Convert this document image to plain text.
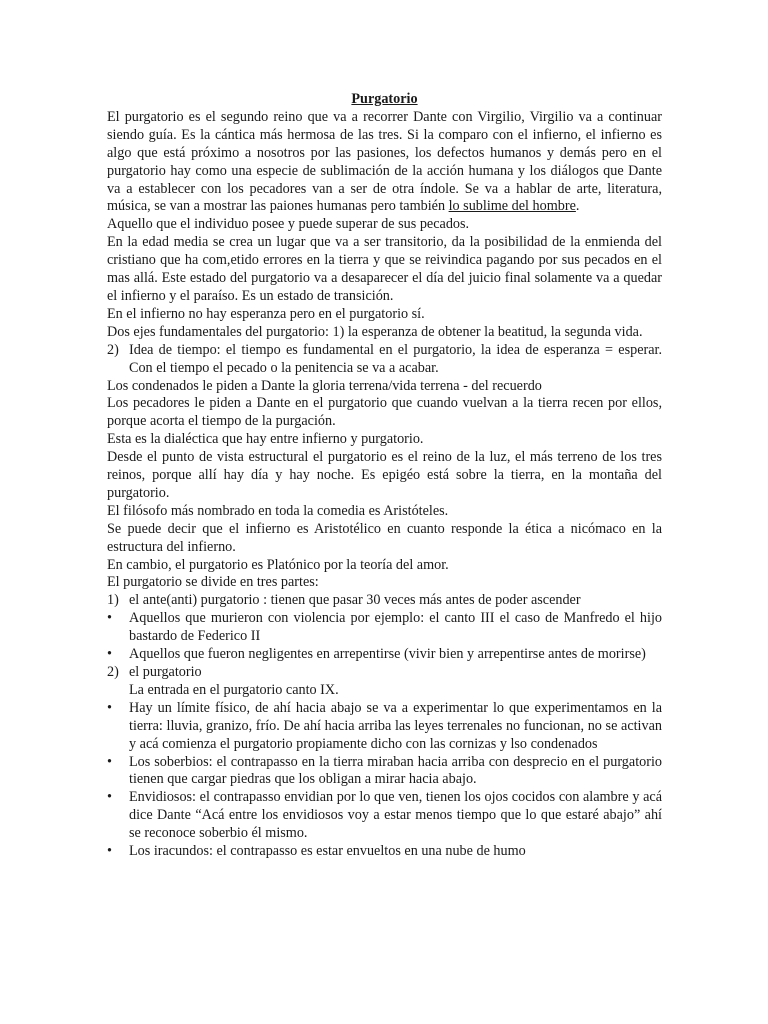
Purgatorio

El purgatorio es el segundo reino que va a recorrer Dante con Virgilio, Virgilio va a continuar siendo guía. Es la cántica más hermosa de las tres. Si la comparo con el infierno, el infierno es algo que está próximo a nosotros por las pasiones, los defectos humanos y demás pero en el purgatorio hay como una especie de sublimación de la acción humana y los diálogos que Dante va a establecer con los pecadores van a ser de otra índole. Se va a hablar de arte, literatura, música, se van a mostrar las paiones humanas pero también lo sublime del hombre.

Aquello que el individuo posee y puede superar de sus pecados.

En la edad media se crea un lugar que va a ser transitorio, da la posibilidad de la enmienda del cristiano que ha com,etido errores en la tierra y que se reivindica pagando por sus pecados en el mas allá. Este estado del purgatorio va a desaparecer el día del juicio final solamente va a quedar el infierno y el paraíso. Es un estado de transición.

En el infierno no hay esperanza pero en el purgatorio sí.

Dos ejes fundamentales del purgatorio: 1) la esperanza de obtener la beatitud, la segunda vida.

2) Idea de tiempo: el tiempo es fundamental en el purgatorio, la idea de esperanza = esperar. Con el tiempo el pecado o la penitencia se va a acabar.

Los condenados le piden a Dante la gloria terrena/vida terrena - del recuerdo

Los pecadores le piden a Dante en el purgatorio que cuando vuelvan a la tierra recen por ellos, porque acorta el tiempo de la purgación.

Esta es la dialéctica que hay entre infierno y purgatorio.

Desde el punto de vista estructural el purgatorio es el reino de la luz, el más terreno de los tres reinos, porque allí hay día y hay noche. Es epigéo está sobre la tierra, en la montaña del purgatorio.

El filósofo más nombrado en toda la comedia es Aristóteles.

Se puede decir que el infierno es Aristotélico en cuanto responde la ética a nicómaco en la estructura del infierno.

En cambio, el purgatorio es Platónico por la teoría del amor.

El purgatorio se divide en tres partes:

1) el ante(anti) purgatorio : tienen que pasar 30 veces más antes de poder ascender
•	Aquellos que murieron con violencia por ejemplo: el canto III el caso de Manfredo el hijo bastardo de Federico II
•	Aquellos que fueron negligentes en arrepentirse (vivir bien y arrepentirse antes de morirse)
2) el purgatorio

La entrada en el purgatorio canto IX.

•	Hay un límite físico, de ahí hacia abajo se va a experimentar lo que experimentamos en la tierra: lluvia, granizo, frío. De ahí hacia arriba las leyes terrenales no funcionan, no se activan y acá comienza el purgatorio propiamente dicho con las cornizas y lso condenados
•	Los soberbios: el contrapasso en la tierra miraban hacia arriba con desprecio en el purgatorio tienen que cargar piedras que los obligan a mirar hacia abajo.
•	Envidiosos: el contrapasso envidian por lo que ven, tienen los ojos cocidos con alambre y acá dice Dante “Acá entre los envidiosos voy a estar menos tiempo que lo que estaré abajo” ahí se reconoce soberbio él mismo.
•	Los iracundos: el contrapasso es estar envueltos en una nube de humo
